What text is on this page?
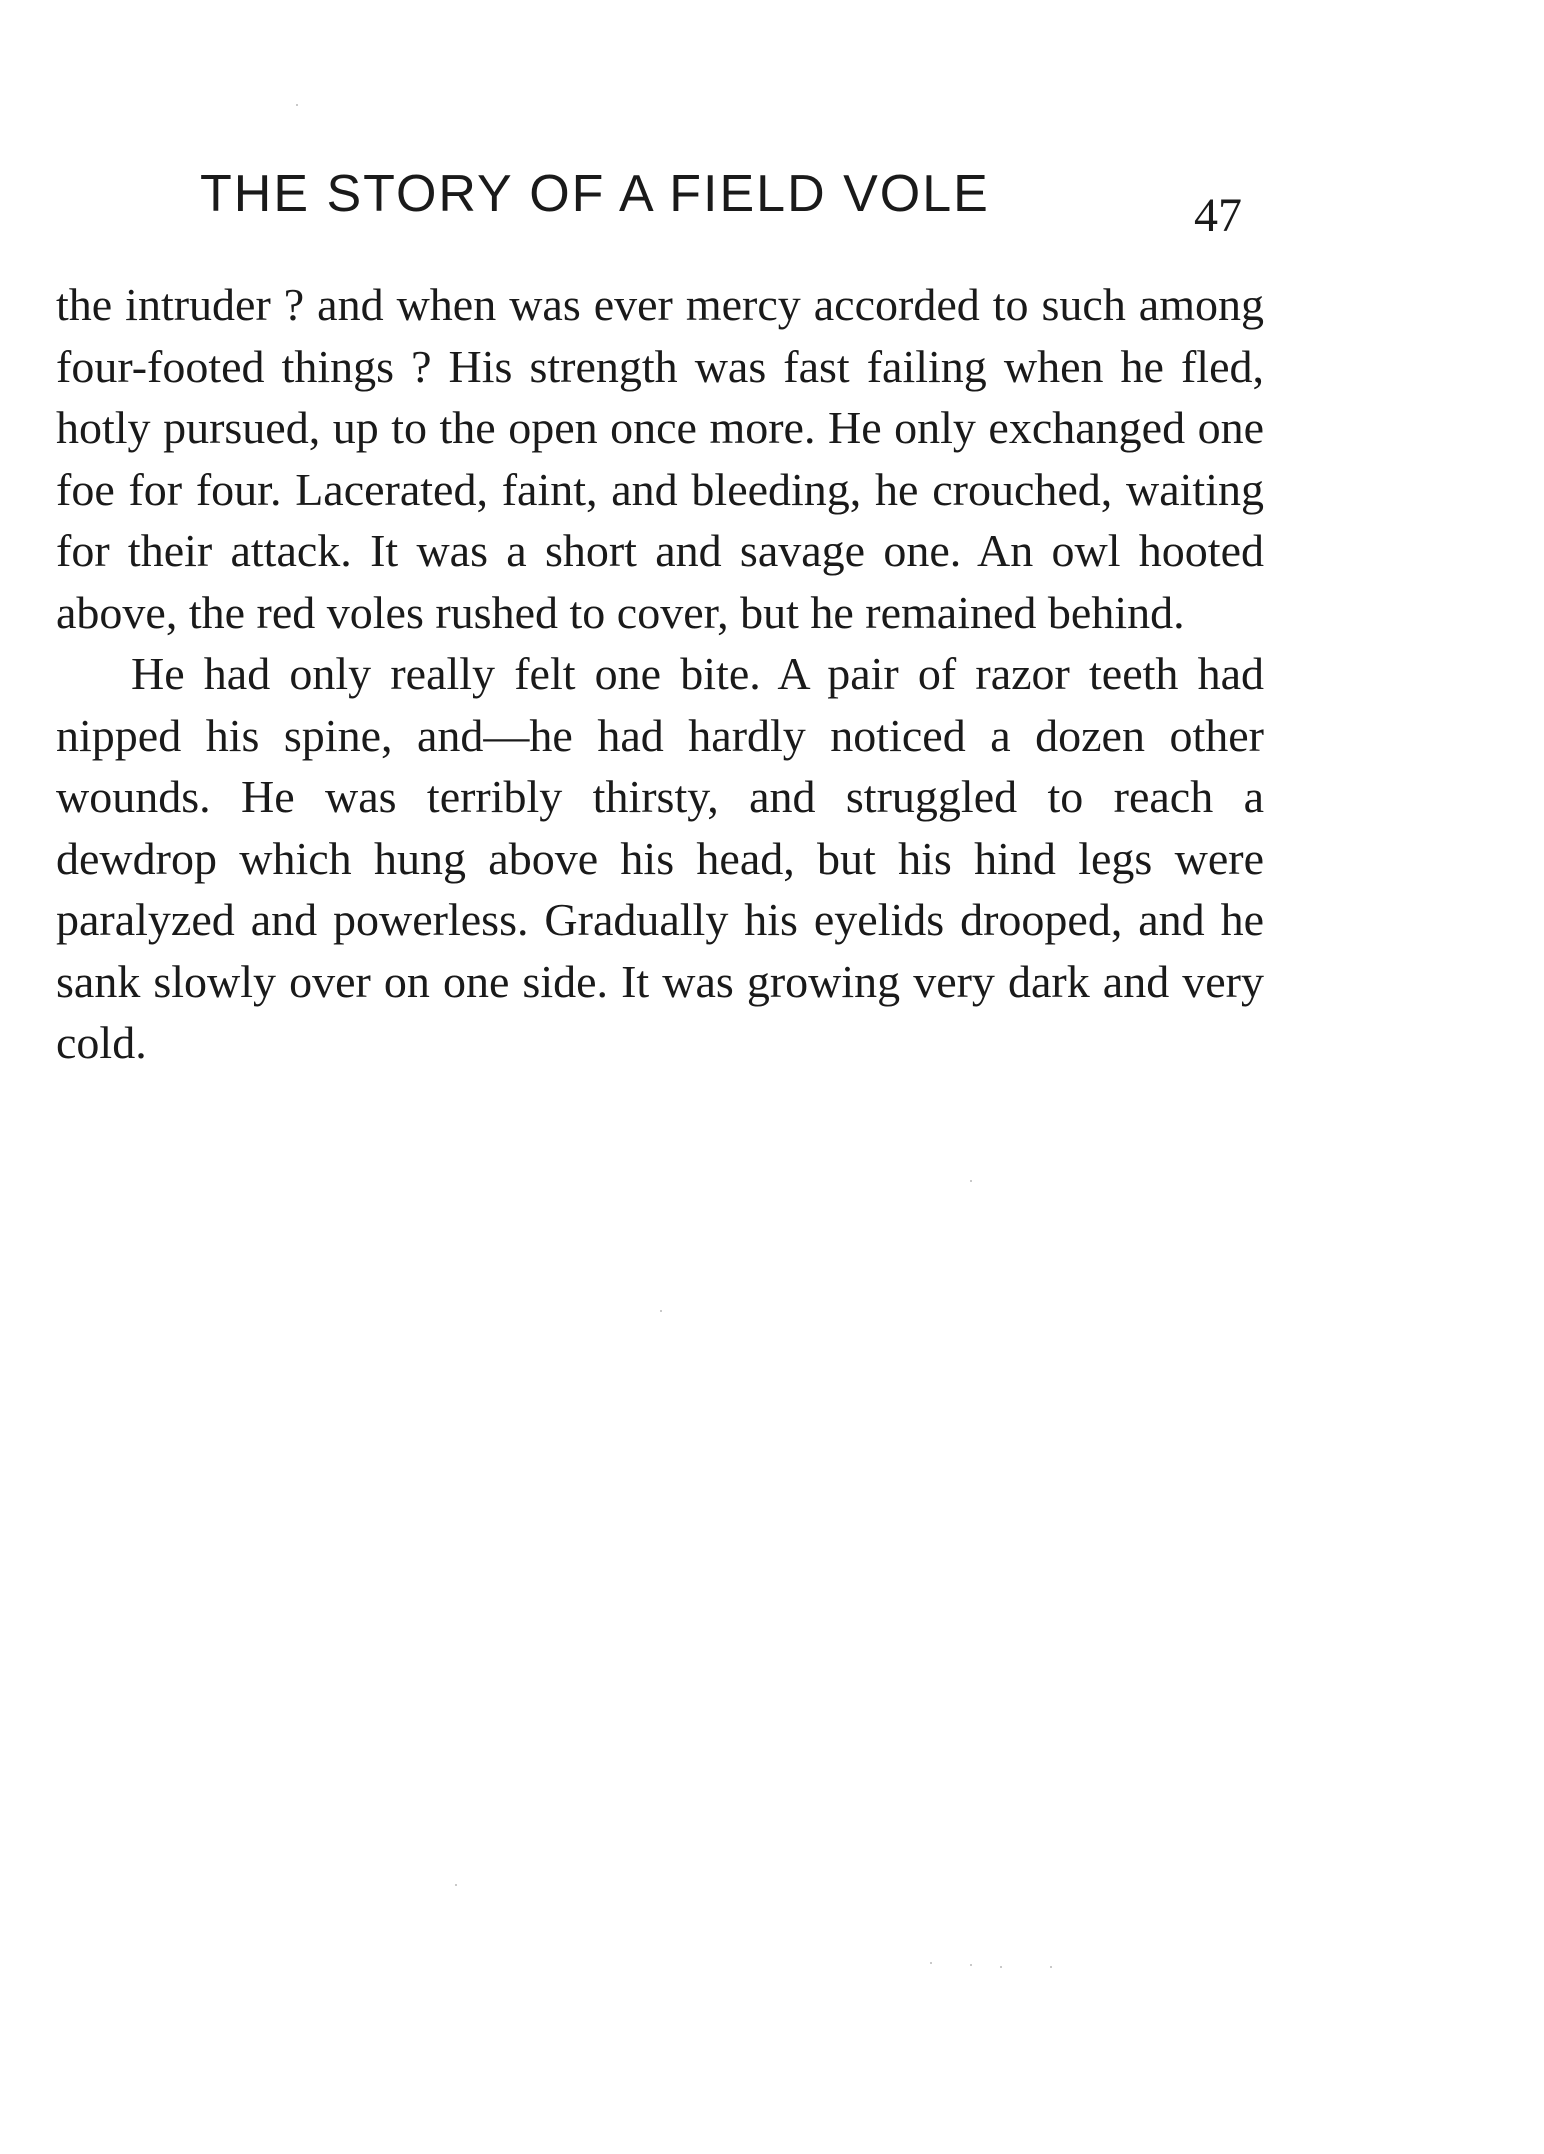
THE STORY OF A FIELD VOLE	47

the intruder ? and when was ever mercy accorded to such among four-footed things ? His strength was fast failing when he fled, hotly pursued, up to the open once more. He only exchanged one foe for four. Lacerated, faint, and bleeding, he crouched, waiting for their attack. It was a short and savage one. An owl hooted above, the red voles rushed to cover, but he remained behind.

He had only really felt one bite. A pair of razor teeth had nipped his spine, and—he had hardly noticed a dozen other wounds. He was terribly thirsty, and struggled to reach a dewdrop which hung above his head, but his hind legs were paralyzed and powerless. Gradually his eyelids drooped, and he sank slowly over on one side. It was growing very dark and very cold.
